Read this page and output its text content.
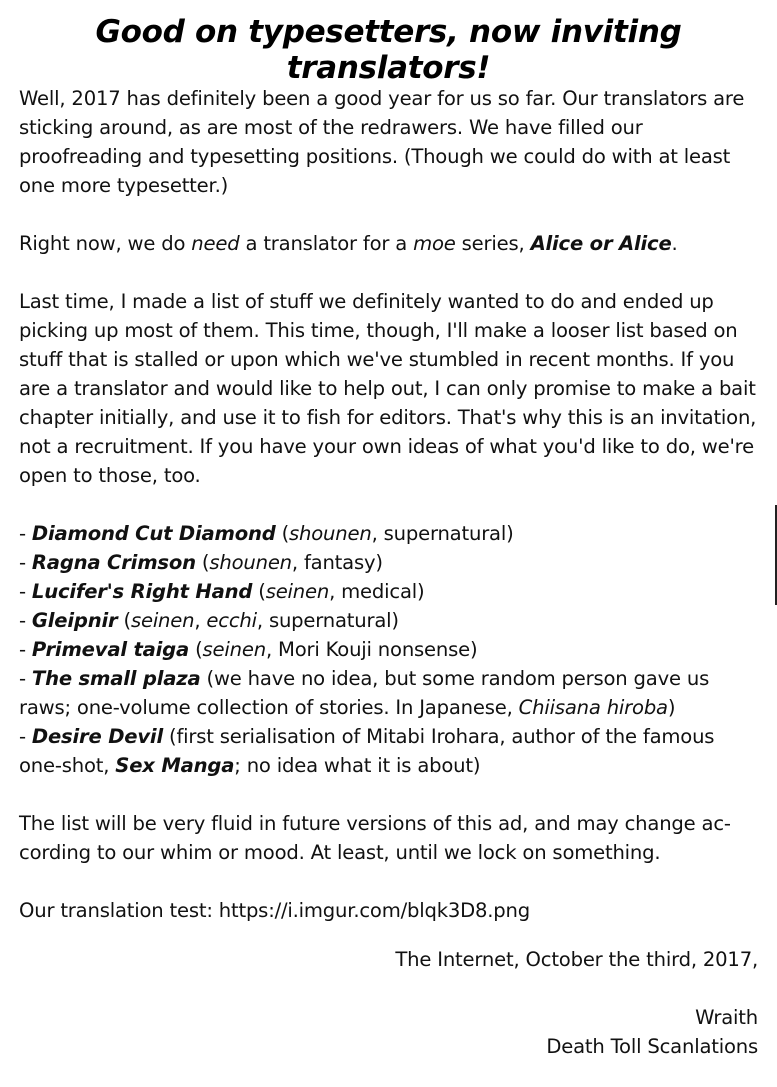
Good on typesetters, now inviting translators!

Well, 2017 has definitely been a good year for us so far. Our translators are sticking around, as are most of the redrawers. We have filled our proofreading and typesetting positions. (Though we could do with at least one more typesetter.)

Right now, we do need a translator for a moe series, Alice or Alice.

Last time, I made a list of stuff we definitely wanted to do and ended up picking up most of them. This time, though, I'll make a looser list based on stuff that is stalled or upon which we've stumbled in recent months. If you are a translator and would like to help out, I can only promise to make a bait chapter initially, and use it to fish for editors. That's why this is an invitation, not a recruitment. If you have your own ideas of what you'd like to do, we're open to those, too.

- Diamond Cut Diamond (shounen, supernatural)
- Ragna Crimson (shounen, fantasy)
- Lucifer's Right Hand (seinen, medical)
- Gleipnir (seinen, ecchi, supernatural)
- Primeval taiga (seinen, Mori Kouji nonsense)
- The small plaza (we have no idea, but some random person gave us raws; one-volume collection of stories. In Japanese, Chiisana hiroba)
- Desire Devil (first serialisation of Mitabi Irohara, author of the famous one-shot, Sex Manga; no idea what it is about)

The list will be very fluid in future versions of this ad, and may change ac- cording to our whim or mood. At least, until we lock on something.

Our translation test: https://i.imgur.com/blqk3D8.png

The Internet, October the third, 2017,
Wraith
Death Toll Scanlations
